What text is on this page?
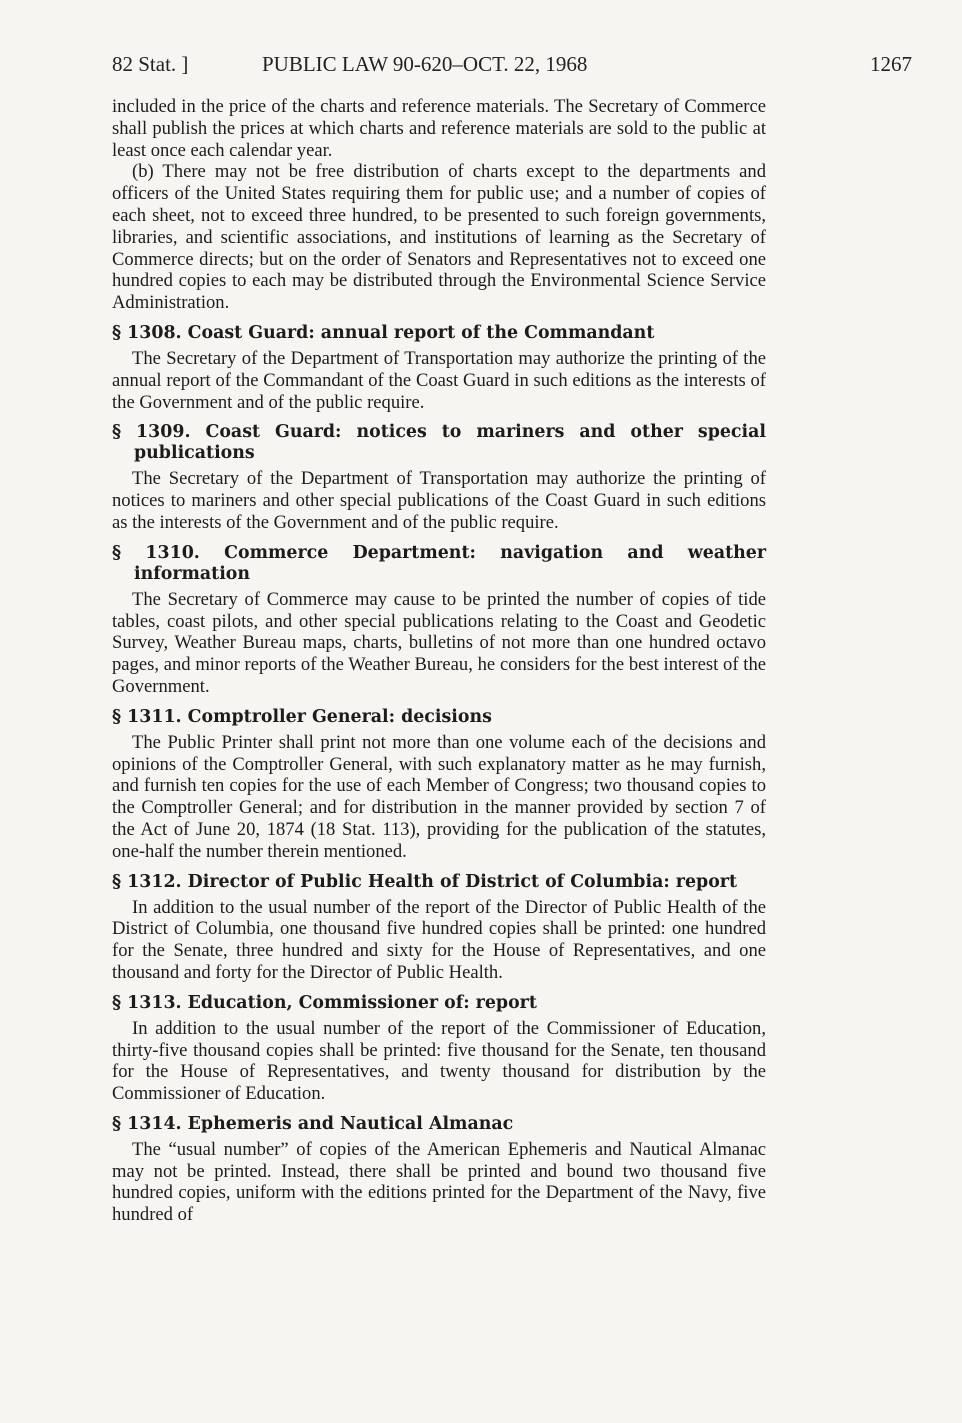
82 Stat. ]	PUBLIC LAW 90-620–OCT. 22, 1968	1267

included in the price of the charts and reference materials. The Secretary of Commerce shall publish the prices at which charts and reference materials are sold to the public at least once each calendar year.

(b) There may not be free distribution of charts except to the departments and officers of the United States requiring them for public use; and a number of copies of each sheet, not to exceed three hundred, to be presented to such foreign governments, libraries, and scientific associations, and institutions of learning as the Secretary of Commerce directs; but on the order of Senators and Representatives not to exceed one hundred copies to each may be distributed through the Environmental Science Service Administration.

§ 1308. Coast Guard: annual report of the Commandant

The Secretary of the Department of Transportation may authorize the printing of the annual report of the Commandant of the Coast Guard in such editions as the interests of the Government and of the public require.

§ 1309. Coast Guard: notices to mariners and other special publications

The Secretary of the Department of Transportation may authorize the printing of notices to mariners and other special publications of the Coast Guard in such editions as the interests of the Government and of the public require.

§ 1310. Commerce Department: navigation and weather information

The Secretary of Commerce may cause to be printed the number of copies of tide tables, coast pilots, and other special publications relating to the Coast and Geodetic Survey, Weather Bureau maps, charts, bulletins of not more than one hundred octavo pages, and minor reports of the Weather Bureau, he considers for the best interest of the Government.

§ 1311. Comptroller General: decisions

The Public Printer shall print not more than one volume each of the decisions and opinions of the Comptroller General, with such explanatory matter as he may furnish, and furnish ten copies for the use of each Member of Congress; two thousand copies to the Comptroller General; and for distribution in the manner provided by section 7 of the Act of June 20, 1874 (18 Stat. 113), providing for the publication of the statutes, one-half the number therein mentioned.

§ 1312. Director of Public Health of District of Columbia: report

In addition to the usual number of the report of the Director of Public Health of the District of Columbia, one thousand five hundred copies shall be printed: one hundred for the Senate, three hundred and sixty for the House of Representatives, and one thousand and forty for the Director of Public Health.

§ 1313. Education, Commissioner of: report

In addition to the usual number of the report of the Commissioner of Education, thirty-five thousand copies shall be printed: five thousand for the Senate, ten thousand for the House of Representatives, and twenty thousand for distribution by the Commissioner of Education.

§ 1314. Ephemeris and Nautical Almanac

The “usual number” of copies of the American Ephemeris and Nautical Almanac may not be printed. Instead, there shall be printed and bound two thousand five hundred copies, uniform with the editions printed for the Department of the Navy, five hundred of
